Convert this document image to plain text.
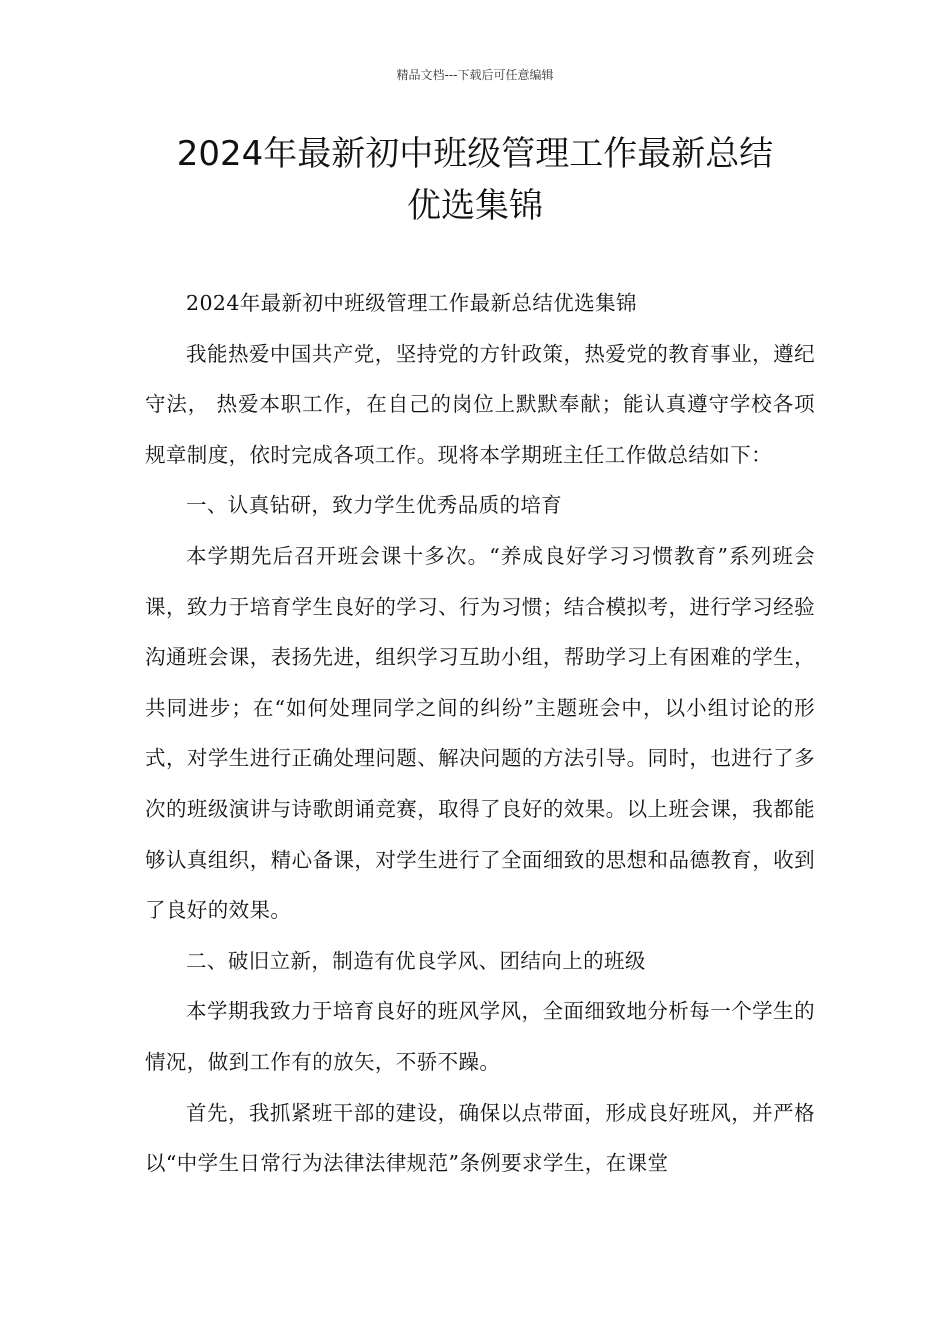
精品文档---下载后可任意编辑
2024年最新初中班级管理工作最新总结
优选集锦

2024年最新初中班级管理工作最新总结优选集锦

我能热爱中国共产党，坚持党的方针政策，热爱党的教育事业，遵纪守法， 热爱本职工作，在自己的岗位上默默奉献；能认真遵守学校各项规章制度，依时完成各项工作。现将本学期班主任工作做总结如下：

一、认真钻研，致力学生优秀品质的培育

本学期先后召开班会课十多次。“养成良好学习习惯教育”系列班会课，致力于培育学生良好的学习、行为习惯；结合模拟考，进行学习经验沟通班会课，表扬先进，组织学习互助小组，帮助学习上有困难的学生，共同进步；在“如何处理同学之间的纠纷”主题班会中，以小组讨论的形式，对学生进行正确处理问题、解决问题的方法引导。同时，也进行了多次的班级演讲与诗歌朗诵竞赛，取得了良好的效果。以上班会课，我都能够认真组织，精心备课，对学生进行了全面细致的思想和品德教育，收到了良好的效果。

二、破旧立新，制造有优良学风、团结向上的班级

本学期我致力于培育良好的班风学风，全面细致地分析每一个学生的情况，做到工作有的放矢，不骄不躁。

首先，我抓紧班干部的建设，确保以点带面，形成良好班风，并严格以“中学生日常行为法律法律规范”条例要求学生，在课堂
